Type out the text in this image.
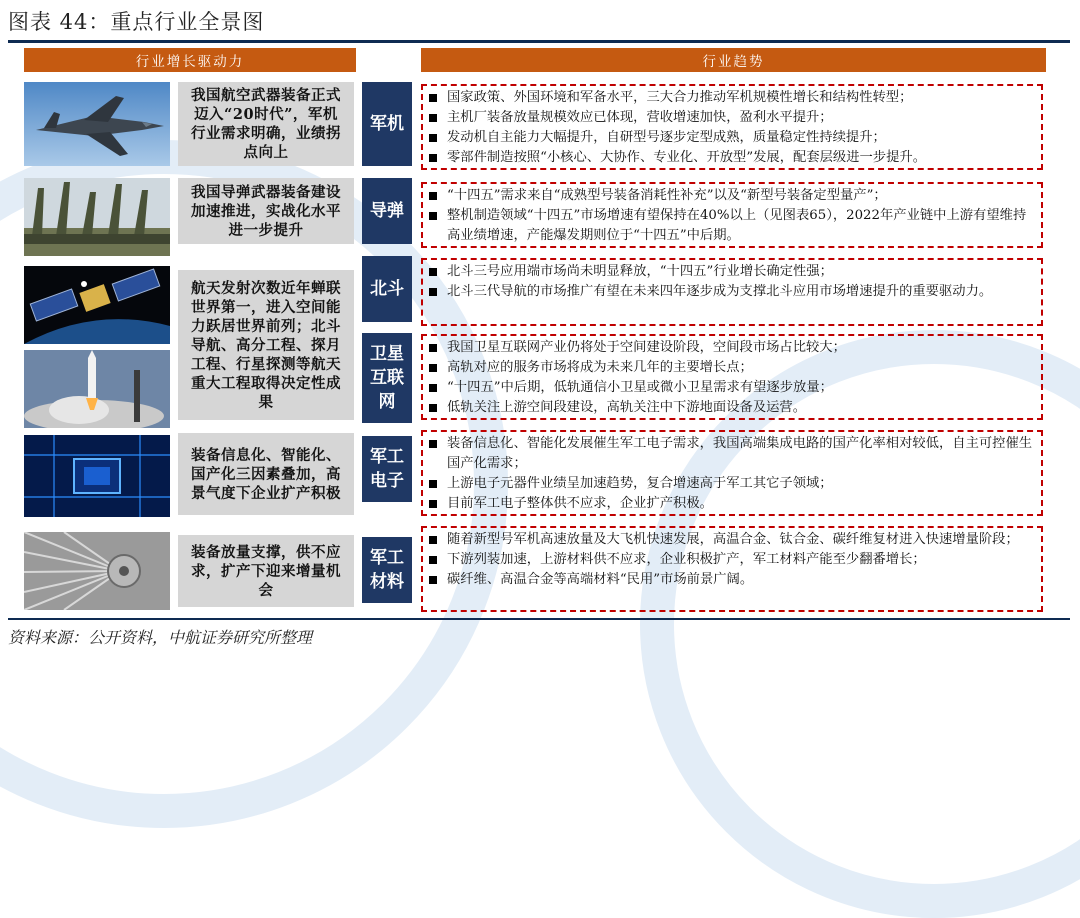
图表 44：重点行业全景图
行业增长驱动力	行业趋势
我国航空武器装备正式迈入“20时代”，军机行业需求明确，业绩拐点向上
我国导弹武器装备建设加速推进，实战化水平进一步提升
航天发射次数近年蝉联世界第一，进入空间能力跃居世界前列；北斗导航、高分工程、探月工程、行星探测等航天重大工程取得决定性成果
装备信息化、智能化、国产化三因素叠加，高景气度下企业扩产积极
装备放量支撑，供不应求，扩产下迎来增量机会
军机
导弹
北斗
卫星互联网
军工电子
军工材料
国家政策、外国环境和军备水平，三大合力推动军机规模性增长和结构性转型；
主机厂装备放量规模效应已体现，营收增速加快，盈利水平提升；
发动机自主能力大幅提升，自研型号逐步定型成熟，质量稳定性持续提升；
零部件制造按照“小核心、大协作、专业化、开放型”发展，配套层级进一步提升。
“十四五”需求来自“成熟型号装备消耗性补充”以及“新型号装备定型量产”；
整机制造领域“十四五”市场增速有望保持在40%以上（见图表65），2022年产业链中上游有望维持高业绩增速，产能爆发期则位于“十四五”中后期。
北斗三号应用端市场尚未明显释放，“十四五”行业增长确定性强；
北斗三代导航的市场推广有望在未来四年逐步成为支撑北斗应用市场增速提升的重要驱动力。
我国卫星互联网产业仍将处于空间建设阶段，空间段市场占比较大；
高轨对应的服务市场将成为未来几年的主要增长点；
“十四五”中后期，低轨通信小卫星或微小卫星需求有望逐步放量；
低轨关注上游空间段建设，高轨关注中下游地面设备及运营。
装备信息化、智能化发展催生军工电子需求，我国高端集成电路的国产化率相对较低，自主可控催生国产化需求；
上游电子元器件业绩呈加速趋势，复合增速高于军工其它子领域；
目前军工电子整体供不应求，企业扩产积极。
随着新型号军机高速放量及大飞机快速发展，高温合金、钛合金、碳纤维复材进入快速增量阶段；
下游列装加速，上游材料供不应求，企业积极扩产，军工材料产能至少翻番增长；
碳纤维、高温合金等高端材料“民用”市场前景广阔。
资料来源：公开资料，中航证券研究所整理
